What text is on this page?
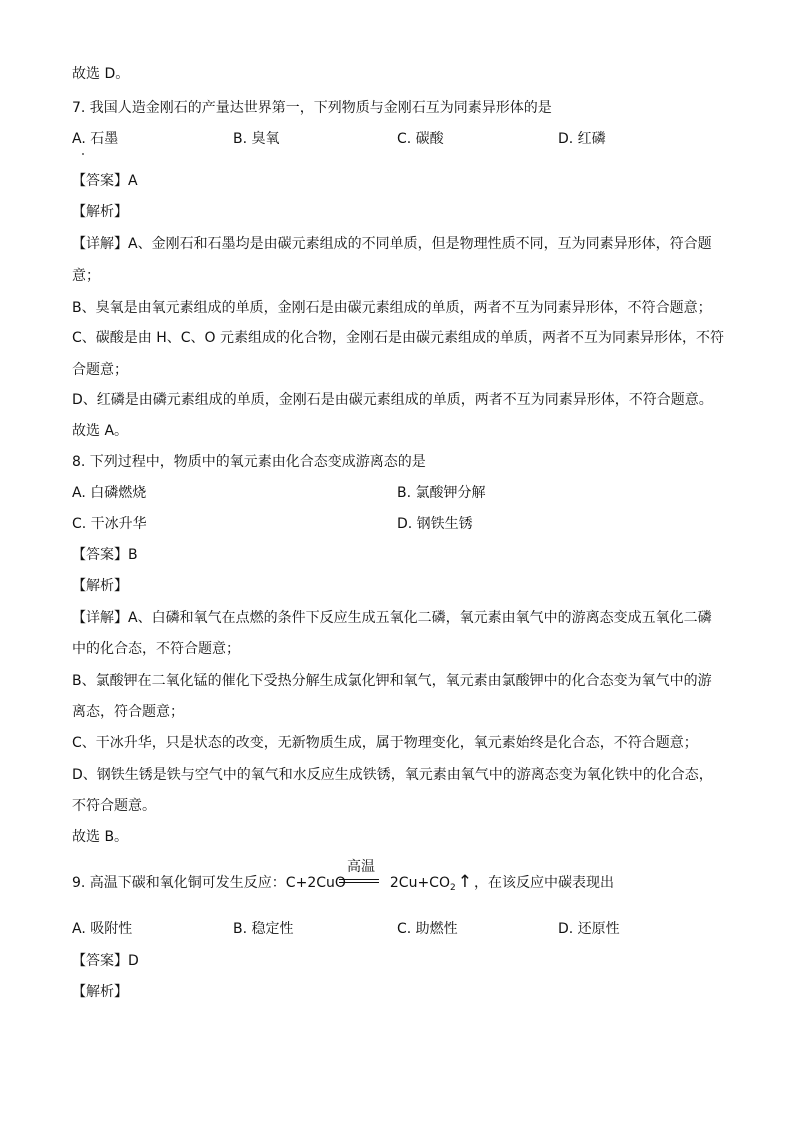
故选 D。
7. 我国人造金刚石的产量达世界第一，下列物质与金刚石互为同素异形体的是
A. 石墨	B. 臭氧	C. 碳酸	D. 红磷
【答案】A
【解析】
【详解】A、金刚石和石墨均是由碳元素组成的不同单质，但是物理性质不同，互为同素异形体，符合题
意；
B、臭氧是由氧元素组成的单质，金刚石是由碳元素组成的单质，两者不互为同素异形体，不符合题意；
C、碳酸是由 H、C、O 元素组成的化合物，金刚石是由碳元素组成的单质，两者不互为同素异形体，不符
合题意；
D、红磷是由磷元素组成的单质，金刚石是由碳元素组成的单质，两者不互为同素异形体，不符合题意。
故选 A。
8. 下列过程中，物质中的氧元素由化合态变成游离态的是
A. 白磷燃烧	B. 氯酸钾分解
C. 干冰升华	D. 钢铁生锈
【答案】B
【解析】
【详解】A、白磷和氧气在点燃的条件下反应生成五氧化二磷，氧元素由氧气中的游离态变成五氧化二磷
中的化合态，不符合题意；
B、氯酸钾在二氧化锰的催化下受热分解生成氯化钾和氧气，氧元素由氯酸钾中的化合态变为氧气中的游
离态，符合题意；
C、干冰升华，只是状态的改变，无新物质生成，属于物理变化，氧元素始终是化合态，不符合题意；
D、钢铁生锈是铁与空气中的氧气和水反应生成铁锈，氧元素由氧气中的游离态变为氧化铁中的化合态，
不符合题意。
故选 B。
9. 高温下碳和氧化铜可发生反应：C+2CuO	$2Cu+CO_2$ ↑ ，在该反应中碳表现出
高温
A. 吸附性	B. 稳定性	C. 助燃性	D. 还原性
【答案】D
【解析】
